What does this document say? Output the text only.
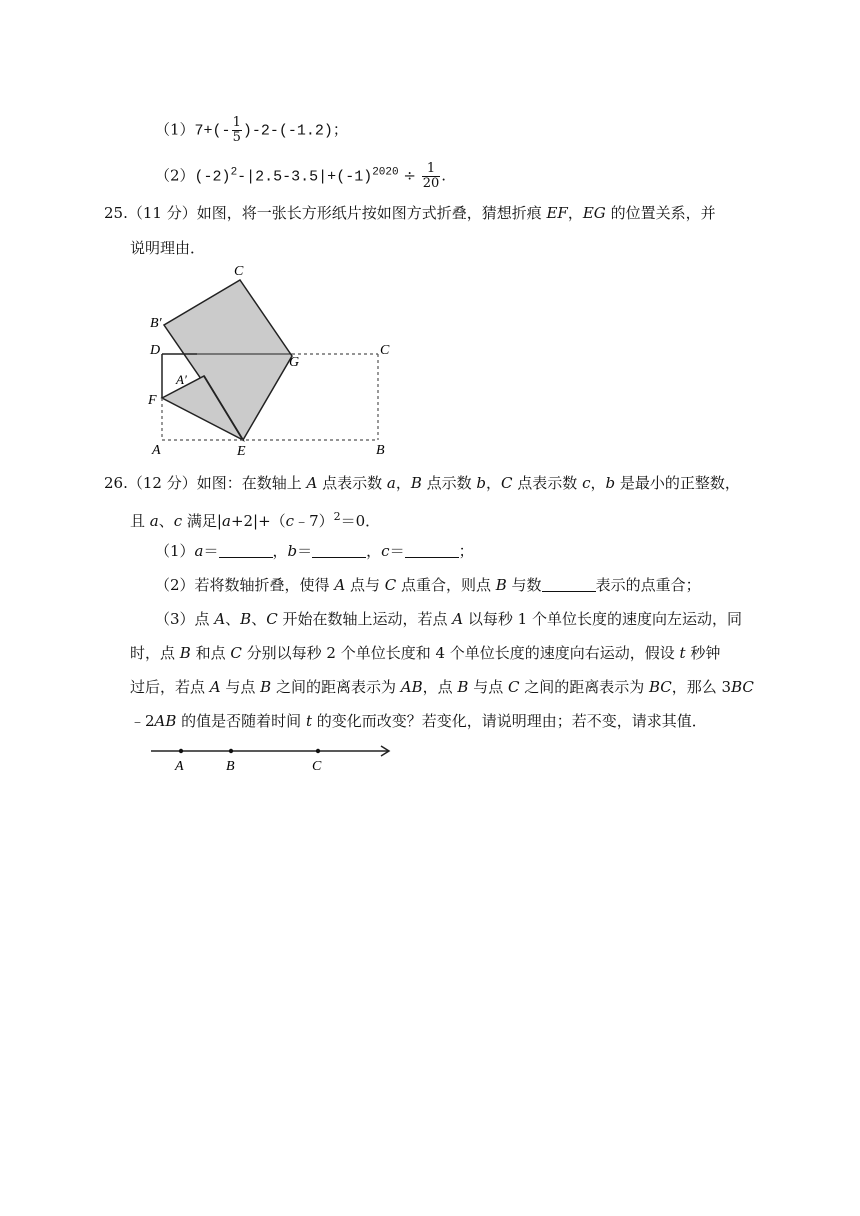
$(1)7+(- \frac{1}{5} )-2-(-1.2)$；
$(2)(-2)^2-|2.5-3.5|+(-1)^{2020} \div \frac{1}{20}$ .
25.（11 分）如图，将一张长方形纸片按如图方式折叠，猜想折痕 EF，EG 的位置关系，并
说明理由．
C
B′
D
G
C
A′
F
A	E	B
26.（12 分）如图：在数轴上 A 点表示数 a，B 点示数 b，C 点表示数 c，b 是最小的正整数，
且 a、c 满足|a+2|+（c﹣7）$^2$＝0．
（1）a＝	，b＝	，c＝	；
（2）若将数轴折叠，使得 A 点与 C 点重合，则点 B 与数	表示的点重合；
（3）点 A、B、C 开始在数轴上运动，若点 A 以每秒 1 个单位长度的速度向左运动，同
时，点 B 和点 C 分别以每秒 2 个单位长度和 4 个单位长度的速度向右运动，假设 t 秒钟
过后，若点 A 与点 B 之间的距离表示为 AB，点 B 与点 C 之间的距离表示为 BC，那么 3BC
﹣2AB 的值是否随着时间 t 的变化而改变？若变化，请说明理由；若不变，请求其值．
A	B	C
